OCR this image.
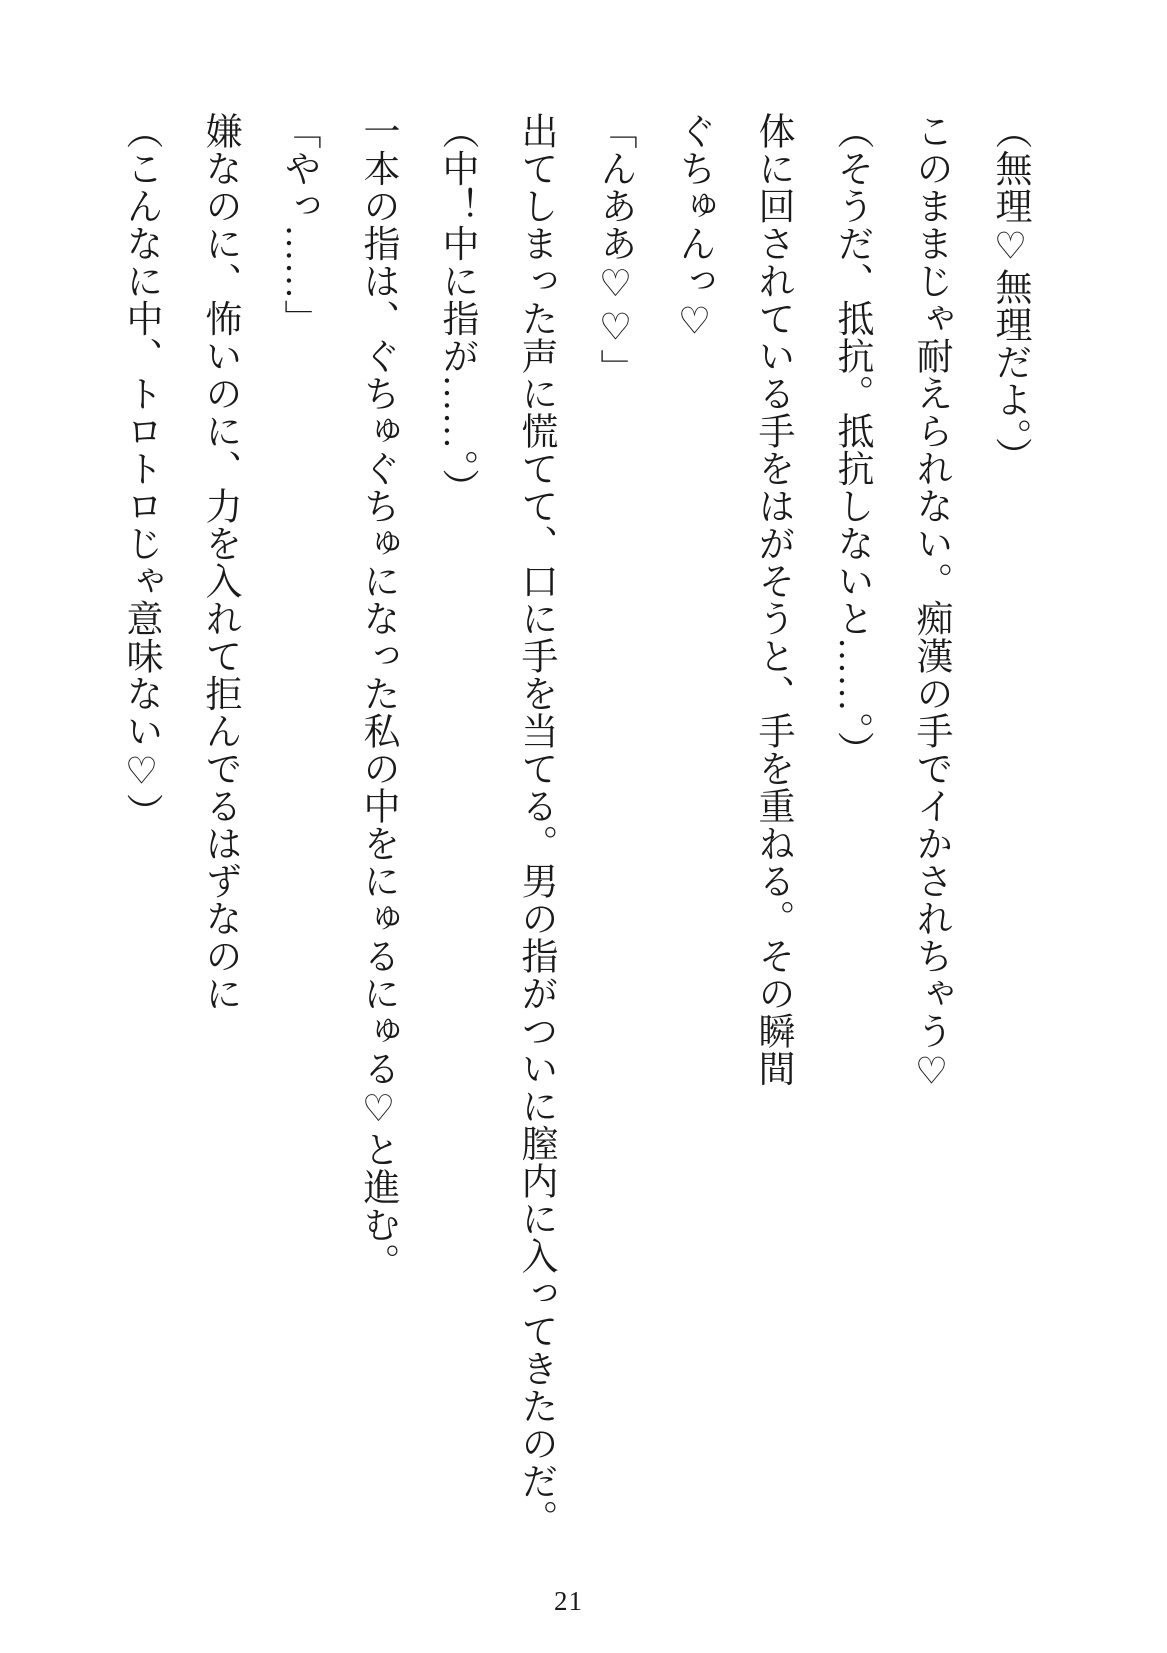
（無理♡無理だよ。）

このままじゃ耐えられない。痴漢の手でイかされちゃう♡

（そうだ、抵抗。抵抗しないと……。）

体に回されている手をはがそうと、手を重ねる。その瞬間

ぐちゅんっ♡

「んああ♡♡」

出てしまった声に慌てて、口に手を当てる。男の指がついに膣内に入ってきたのだ。

（中！中に指が……。）

一本の指は、ぐちゅぐちゅになった私の中をにゅるにゅる♡と進む。

「やっ……」

嫌なのに、怖いのに、力を入れて拒んでるはずなのに

（こんなに中、トロトロじゃ意味ない♡）

21
